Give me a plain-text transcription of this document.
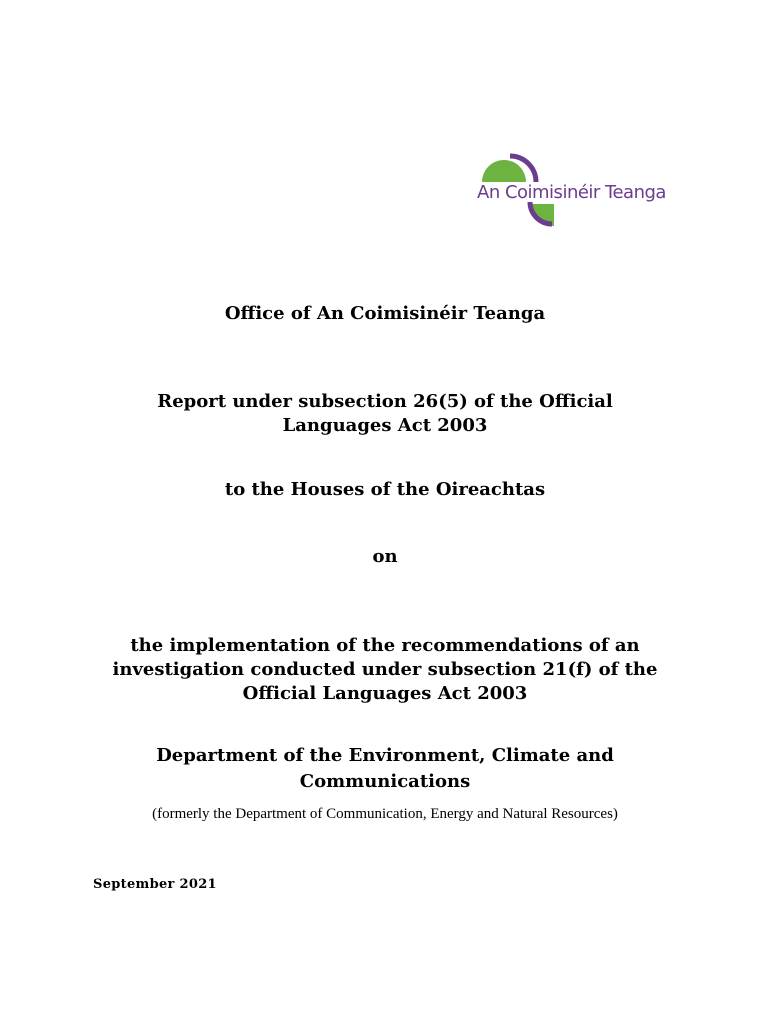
An Coimisinéir Teanga
Office of An Coimisinéir Teanga
Report under subsection 26(5) of the Official
Languages Act 2003
to the Houses of the Oireachtas
on
the implementation of the recommendations of an
investigation conducted under subsection 21(f) of the
Official Languages Act 2003
Department of the Environment, Climate and
Communications
(formerly the Department of Communication, Energy and Natural Resources)
September 2021
